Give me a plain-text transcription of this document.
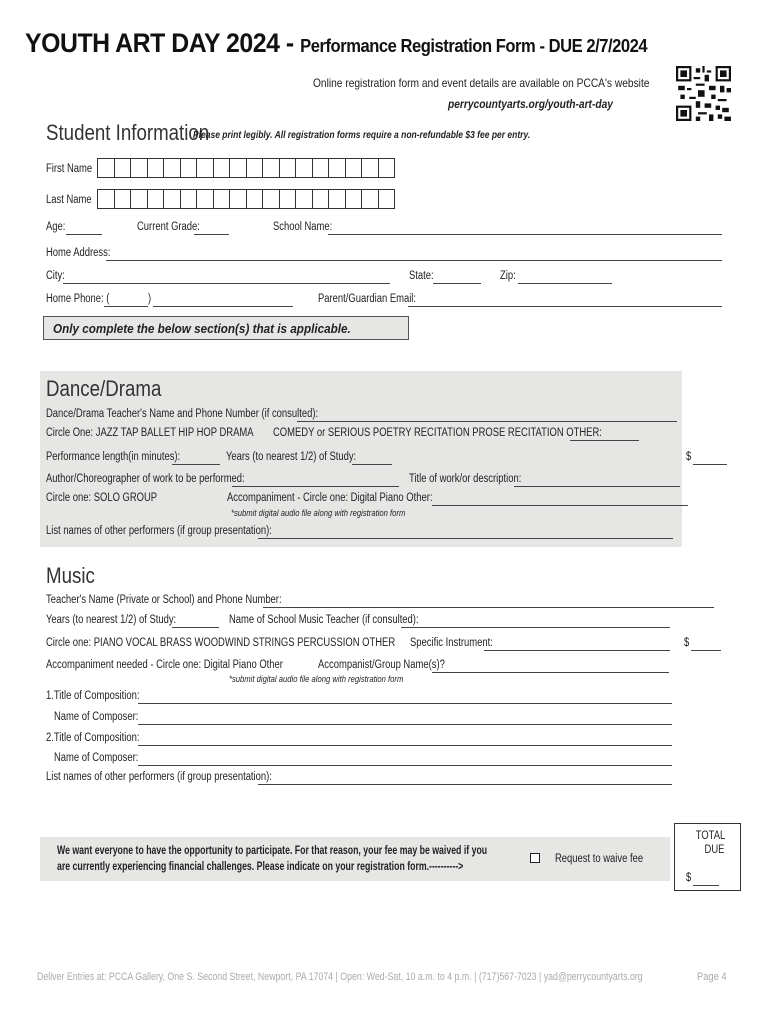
YOUTH ART DAY 2024 - Performance Registration Form - DUE 2/7/2024
Online registration form and event details are available on PCCA's website
perrycountyarts.org/youth-art-day
Student Information
Please print legibly. All registration forms require a non-refundable $3 fee per entry.
First Name
Last Name
Age:	Current Grade:	School Name:
Home Address:
City:	State:	Zip:
Home Phone: (	)	Parent/Guardian Email:
Only complete the below section(s) that is applicable.
Dance/Drama
Dance/Drama Teacher's Name and Phone Number (if consulted):
Circle One: JAZZ TAP BALLET HIP HOP DRAMA COMEDY or SERIOUS POETRY RECITATION PROSE RECITATION OTHER:
Performance length(in minutes):	Years (to nearest 1/2) of Study:	$
Author/Choreographer of work to be performed:	Title of work/or description:
Circle one: SOLO GROUP	Accompaniment - Circle one: Digital Piano Other:
*submit digital audio file along with registration form
List names of other performers (if group presentation):
Music
Teacher's Name (Private or School) and Phone Number:
Years (to nearest 1/2) of Study:	Name of School Music Teacher (if consulted):
Circle one: PIANO VOCAL BRASS WOODWIND STRINGS PERCUSSION OTHER Specific Instrument:	$
Accompaniment needed - Circle one: Digital Piano Other	Accompanist/Group Name(s)?
*submit digital audio file along with registration form
1.Title of Composition:
Name of Composer:
2.Title of Composition:
Name of Composer:
List names of other performers (if group presentation):
We want everyone to have the opportunity to participate. For that reason, your fee may be waived if you
are currently experiencing financial challenges. Please indicate on your registration form.---------->
Request to waive fee
TOTAL
DUE
$
Deliver Entries at: PCCA Gallery, One S. Second Street, Newport, PA 17074 | Open: Wed-Sat, 10 a.m. to 4 p.m. | (717)567-7023 | yad@perrycountyarts.org	Page 4
